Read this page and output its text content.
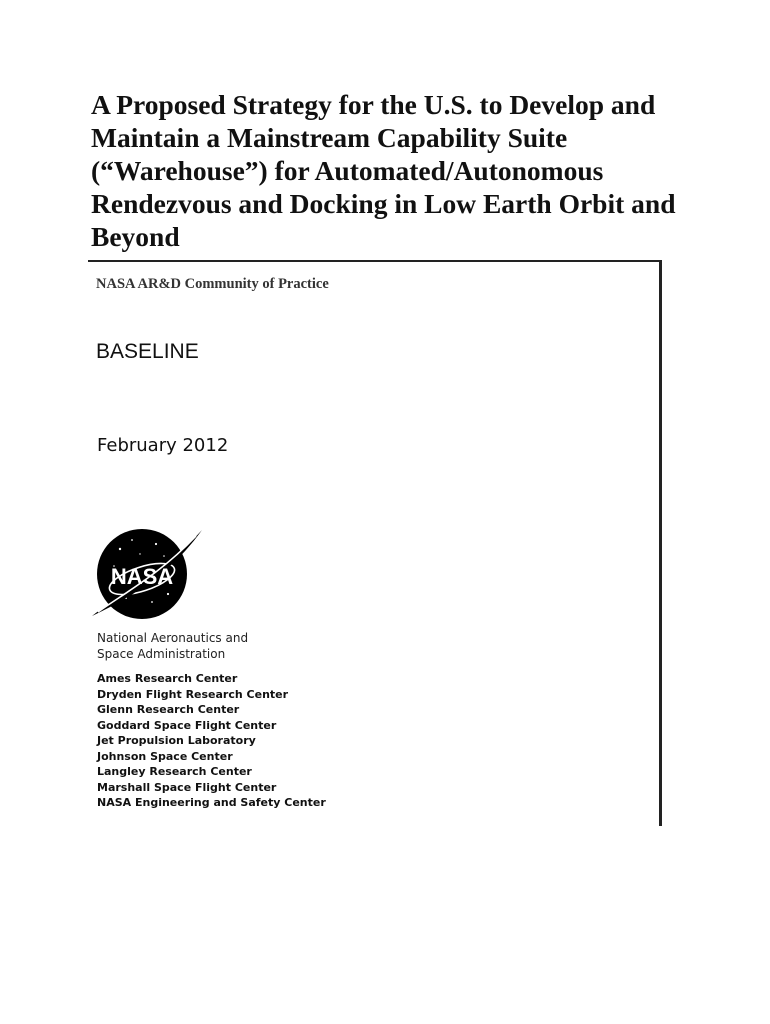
A Proposed Strategy for the U.S. to Develop and
Maintain a Mainstream Capability Suite
(“Warehouse”) for Automated/Autonomous
Rendezvous and Docking in Low Earth Orbit and
Beyond
NASA AR&D Community of Practice
BASELINE
February 2012
NASA
National Aeronautics and
Space Administration
Ames Research Center
Dryden Flight Research Center
Glenn Research Center
Goddard Space Flight Center
Jet Propulsion Laboratory
Johnson Space Center
Langley Research Center
Marshall Space Flight Center
NASA Engineering and Safety Center
